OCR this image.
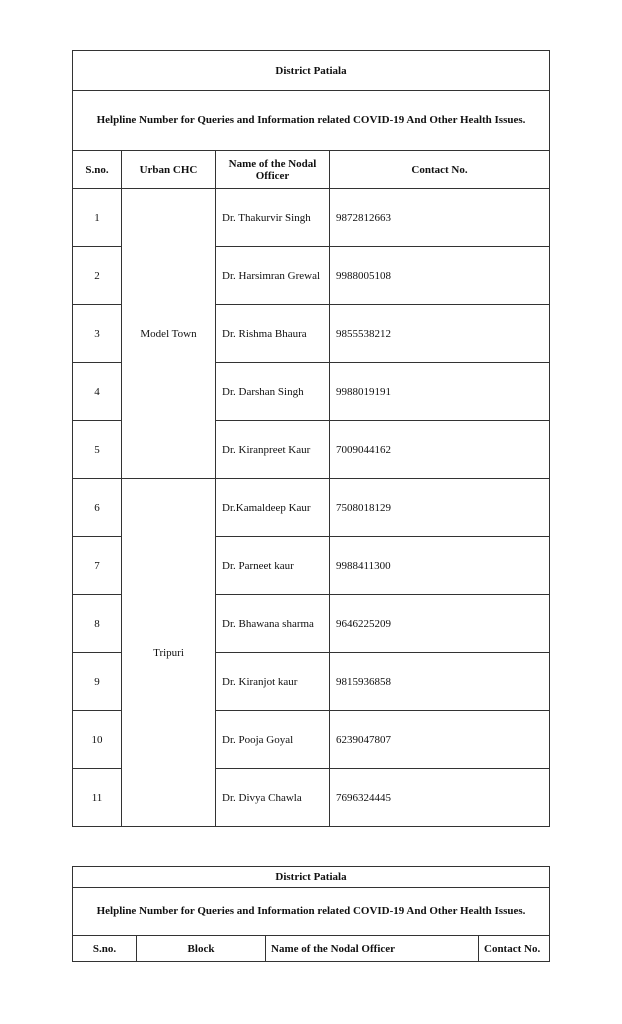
District Patiala			
Helpline Number for Queries and Information related COVID-19 And Other Health Issues.			
S.no.	Urban CHC	Name of the Nodal Officer	Contact No.
1	Model Town	Dr. Thakurvir Singh	9872812663
2		Dr. Harsimran Grewal	9988005108
3		Dr. Rishma Bhaura	9855538212
4		Dr. Darshan Singh	9988019191
5		Dr. Kiranpreet Kaur	7009044162
6	Tripuri	Dr.Kamaldeep Kaur	7508018129
7		Dr. Parneet kaur	9988411300
8		Dr. Bhawana sharma	9646225209
9		Dr. Kiranjot kaur	9815936858
10		Dr. Pooja Goyal	6239047807
11		Dr. Divya Chawla	7696324445
District Patiala
Helpline Number for Queries and Information related COVID-19 And Other Health Issues.
S.no.	Block	Name of the Nodal Officer	Contact No.
